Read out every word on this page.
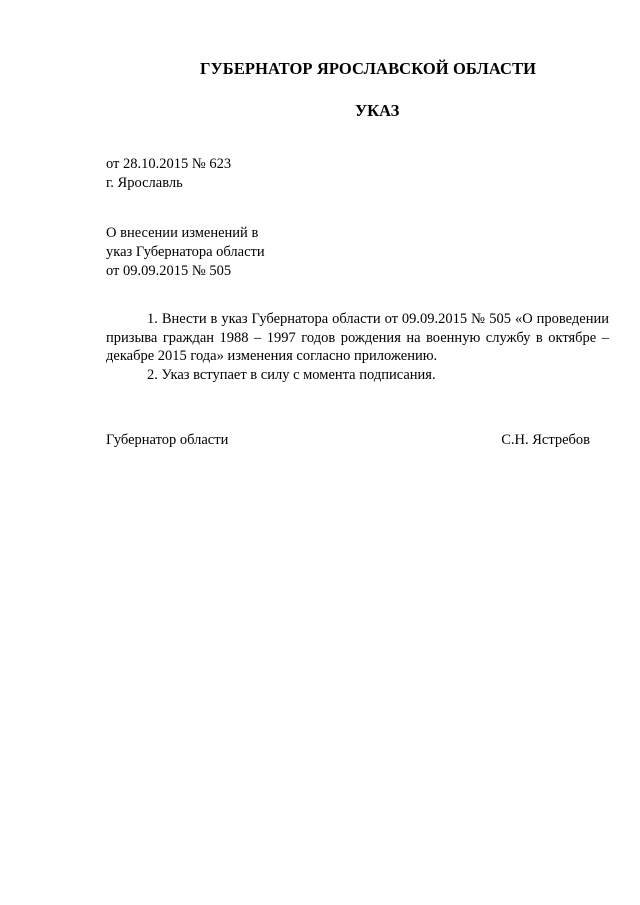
ГУБЕРНАТОР ЯРОСЛАВСКОЙ ОБЛАСТИ
УКАЗ
от 28.10.2015 № 623
г. Ярославль
О внесении изменений в
указ Губернатора области
от 09.09.2015 № 505

1. Внести в указ Губернатора области от 09.09.2015 № 505 «О проведении призыва граждан 1988 – 1997 годов рождения на военную службу в октябре – декабре 2015 года» изменения согласно приложению.

2. Указ вступает в силу с момента подписания.

Губернатор области	С.Н. Ястребов
